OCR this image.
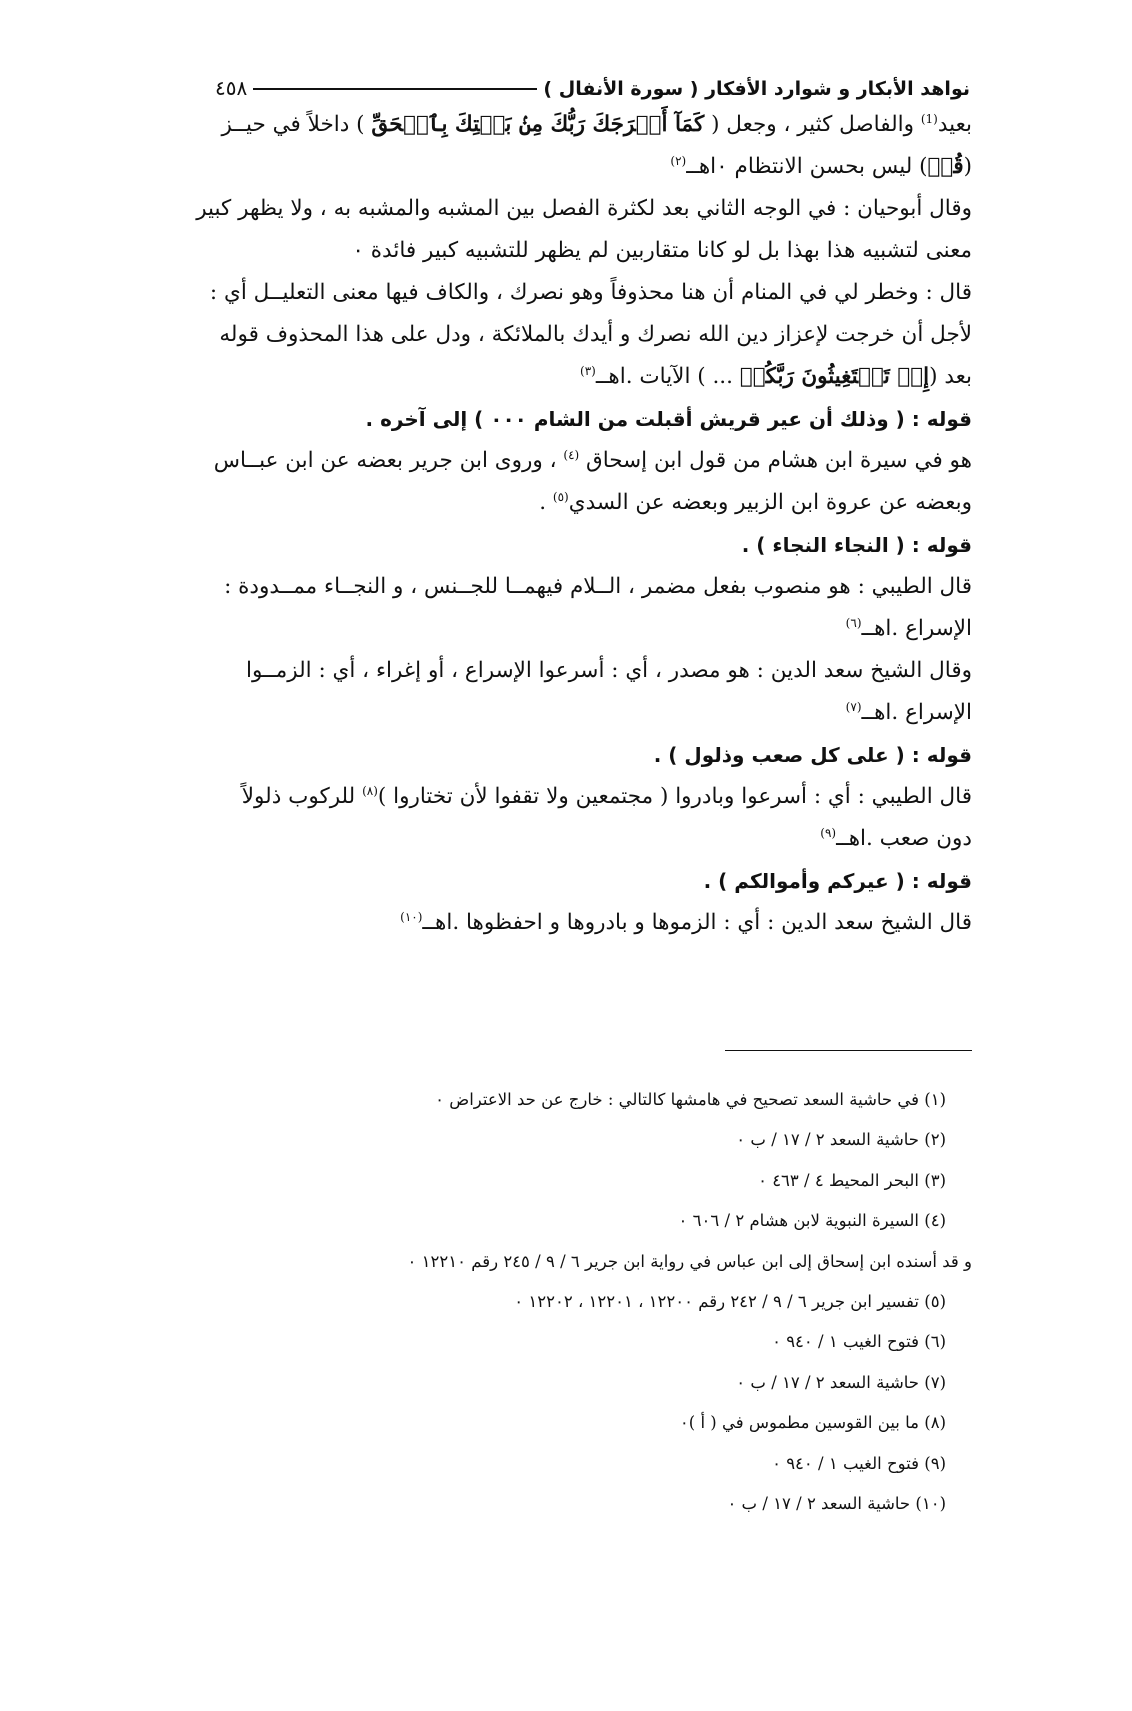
نواهد الأبكار و شوارد الأفكار ( سورة الأنفال )
٤٥٨
بعيد$^{(1)}$ والفاصل كثير ، وجعل ( كَمَآ أَخۡرَجَكَ رَبُّكَ مِنۢ بَيۡتِكَ بِٱلۡحَقِّ ) داخلاً في حيــز
(قُلۡ) ليس بحسن الانتظام ٠اهــ$^{(٢)}$
وقال أبوحيان : في الوجه الثاني بعد لكثرة الفصل بين المشبه والمشبه به ، ولا يظهر كبير
معنى لتشبيه هذا بهذا بل لو كانا متقاربين لم يظهر للتشبيه كبير فائدة ٠
قال : وخطر لي في المنام أن هنا محذوفاً وهو نصرك ، والكاف فيها معنى التعليــل أي :
لأجل أن خرجت لإعزاز دين الله نصرك و أيدك بالملائكة ، ودل على هذا المحذوف قوله
بعد (إِذۡ تَسۡتَغِيثُونَ رَبَّكُمۡ ... ) الآيات .اهــ$^{(٣)}$
قوله : ( وذلك أن عير قريش أقبلت من الشام ٠٠٠ ) إلى آخره .
هو في سيرة ابن هشام من قول ابن إسحاق $^{(٤)}$ ، وروى ابن جرير بعضه عن ابن عبــاس
وبعضه عن عروة ابن الزبير وبعضه عن السدي$^{(٥)}$ .
قوله : ( النجاء النجاء ) .
قال الطيبي : هو منصوب بفعل مضمر ، الــلام فيهمــا للجــنس ، و النجــاء ممــدودة :
الإسراع .اهــ$^{(٦)}$
وقال الشيخ سعد الدين : هو مصدر ، أي : أسرعوا الإسراع ، أو إغراء ، أي : الزمــوا
الإسراع .اهــ$^{(٧)}$
قوله : ( على كل صعب وذلول ) .
قال الطيبي : أي : أسرعوا وبادروا ( مجتمعين ولا تقفوا لأن تختاروا )$^{(٨)}$ للركوب ذلولاً
دون صعب .اهــ$^{(٩)}$
قوله : ( عيركم وأموالكم ) .
قال الشيخ سعد الدين : أي : الزموها و بادروها و احفظوها .اهــ$^{(١٠)}$
(١) في حاشية السعد تصحيح في هامشها كالتالي : خارج عن حد الاعتراض ٠
(٢) حاشية السعد ٢ / ١٧ / ب ٠
(٣) البحر المحيط ٤ / ٤٦٣ ٠
(٤) السيرة النبوية لابن هشام ٢ / ٦٠٦ ٠
و قد أسنده ابن إسحاق إلى ابن عباس في رواية ابن جرير ٦ / ٩ / ٢٤٥ رقم ١٢٢١٠ ٠
(٥) تفسير ابن جرير ٦ / ٩ / ٢٤٢ رقم ١٢٢٠٠ ، ١٢٢٠١ ، ١٢٢٠٢ ٠
(٦) فتوح الغيب ١ / ٩٤٠ ٠
(٧) حاشية السعد ٢ / ١٧ / ب ٠
(٨) ما بين القوسين مطموس في ( أ )٠
(٩) فتوح الغيب ١ / ٩٤٠ ٠
(١٠) حاشية السعد ٢ / ١٧ / ب ٠
